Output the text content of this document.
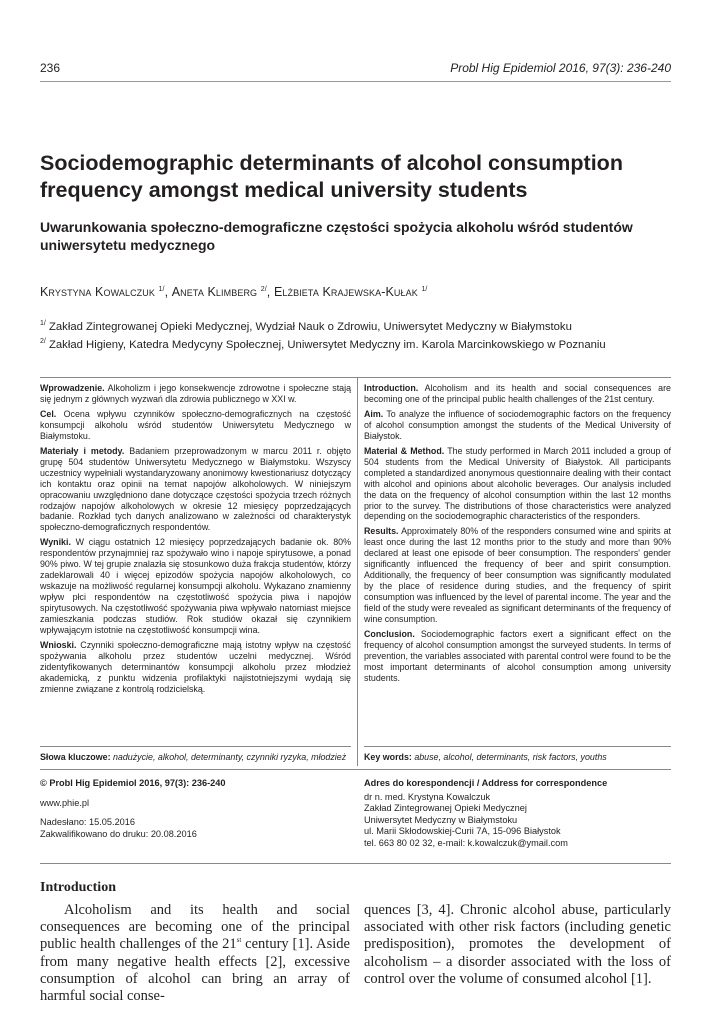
236	Probl Hig Epidemiol 2016, 97(3): 236-240
Sociodemographic determinants of alcohol consumption frequency amongst medical university students
Uwarunkowania społeczno-demograficzne częstości spożycia alkoholu wśród studentów uniwersytetu medycznego
Krystyna Kowalczuk $^{1/}$, Aneta Klimberg $^{2/}$, Elżbieta Krajewska-Kułak $^{1/}$
$^{1/}$ Zakład Zintegrowanej Opieki Medycznej, Wydział Nauk o Zdrowiu, Uniwersytet Medyczny w Białymstoku
$^{2/}$ Zakład Higieny, Katedra Medycyny Społecznej, Uniwersytet Medyczny im. Karola Marcinkowskiego w Poznaniu

Wprowadzenie. Alkoholizm i jego konsekwencje zdrowotne i społeczne stają się jednym z głównych wyzwań dla zdrowia publicznego w XXI w.

Cel. Ocena wpływu czynników społeczno-demograficznych na częstość konsumpcji alkoholu wśród studentów Uniwersytetu Medycznego w Białymstoku.

Materiały i metody. Badaniem przeprowadzonym w marcu 2011 r. objęto grupę 504 studentów Uniwersytetu Medycznego w Białymstoku. Wszyscy uczestnicy wypełniali wystandaryzowany anonimowy kwestionariusz dotyczący ich kontaktu oraz opinii na temat napojów alkoholowych. W niniejszym opracowaniu uwzględniono dane dotyczące częstości spożycia trzech różnych rodzajów napojów alkoholowych w okresie 12 miesięcy poprzedzających badanie. Rozkład tych danych analizowano w zależności od charakterystyk społeczno-demograficznych respondentów.

Wyniki. W ciągu ostatnich 12 miesięcy poprzedzających badanie ok. 80% respondentów przynajmniej raz spożywało wino i napoje spirytusowe, a ponad 90% piwo. W tej grupie znalazła się stosunkowo duża frakcja studentów, którzy zadeklarowali 40 i więcej epizodów spożycia napojów alkoholowych, co wskazuje na możliwość regularnej konsumpcji alkoholu. Wykazano znamienny wpływ płci respondentów na częstotliwość spożycia piwa i napojów spirytusowych. Na częstotliwość spożywania piwa wpływało natomiast miejsce zamieszkania podczas studiów. Rok studiów okazał się czynnikiem wpływającym istotnie na częstotliwość konsumpcji wina.

Wnioski. Czynniki społeczno-demograficzne mają istotny wpływ na częstość spożywania alkoholu przez studentów uczelni medycznej. Wśród zidentyfikowanych determinantów konsumpcji alkoholu przez młodzież akademicką, z punktu widzenia profilaktyki najistotniejszymi wydają się zmienne związane z kontrolą rodzicielską.

Introduction. Alcoholism and its health and social consequences are becoming one of the principal public health challenges of the 21st century.

Aim. To analyze the influence of sociodemographic factors on the frequency of alcohol consumption amongst the students of the Medical University of Białystok.

Material & Method. The study performed in March 2011 included a group of 504 students from the Medical University of Białystok. All participants completed a standardized anonymous questionnaire dealing with their contact with alcohol and opinions about alcoholic beverages. Our analysis included the data on the frequency of alcohol consumption within the last 12 months prior to the survey. The distributions of those characteristics were analyzed depending on the sociodemographic characteristics of the responders.

Results. Approximately 80% of the responders consumed wine and spirits at least once during the last 12 months prior to the study and more than 90% declared at least one episode of beer consumption. The responders' gender significantly influenced the frequency of beer and spirit consumption. Additionally, the frequency of beer consumption was significantly modulated by the place of residence during studies, and the frequency of spirit consumption was influenced by the level of parental income. The year and the field of the study were revealed as significant determinants of the frequency of wine consumption.

Conclusion. Sociodemographic factors exert a significant effect on the frequency of alcohol consumption amongst the surveyed students. In terms of prevention, the variables associated with parental control were found to be the most important determinants of alcohol consumption among university students.

Słowa kluczowe: nadużycie, alkohol, determinanty, czynniki ryzyka, młodzież	Key words: abuse, alcohol, determinants, risk factors, youths
© Probl Hig Epidemiol 2016, 97(3): 236-240
www.phie.pl
Nadesłano: 15.05.2016
Zakwalifikowano do druku: 20.08.2016
Adres do korespondencji / Address for correspondence
dr n. med. Krystyna Kowalczuk
Zakład Zintegrowanej Opieki Medycznej
Uniwersytet Medyczny w Białymstoku
ul. Marii Skłodowskiej-Curii 7A, 15-096 Białystok
tel. 663 80 02 32, e-mail: k.kowalczuk@ymail.com
Introduction
Alcoholism and its health and social consequences are becoming one of the principal public health challenges of the 21st century [1]. Aside from many negative health effects [2], excessive consumption of alcohol can bring an array of harmful social conse-
quences [3, 4]. Chronic alcohol abuse, particularly associated with other risk factors (including genetic predisposition), promotes the development of alcoholism – a disorder associated with the loss of control over the volume of consumed alcohol [1].
